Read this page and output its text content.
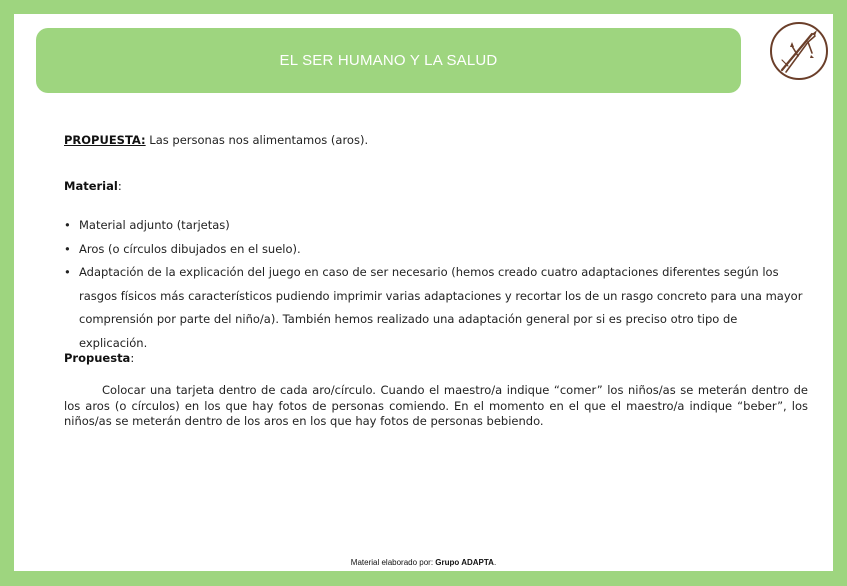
EL SER HUMANO Y LA SALUD
PROPUESTA: Las personas nos alimentamos (aros).
Material:
• Material adjunto (tarjetas)
• Aros (o círculos dibujados en el suelo).
• Adaptación de la explicación del juego en caso de ser necesario (hemos creado cuatro adaptaciones diferentes según los rasgos físicos más característicos pudiendo imprimir varias adaptaciones y recortar los de un rasgo concreto para una mayor comprensión por parte del niño/a). También hemos realizado una adaptación general por si es preciso otro tipo de explicación.
Propuesta:

Colocar una tarjeta dentro de cada aro/círculo. Cuando el maestro/a indique “comer” los niños/as se meterán dentro de los aros (o círculos) en los que hay fotos de personas comiendo. En el momento en el que el maestro/a indique “beber”, los niños/as se meterán dentro de los aros en los que hay fotos de personas bebiendo.

Material elaborado por: Grupo ADAPTA.
